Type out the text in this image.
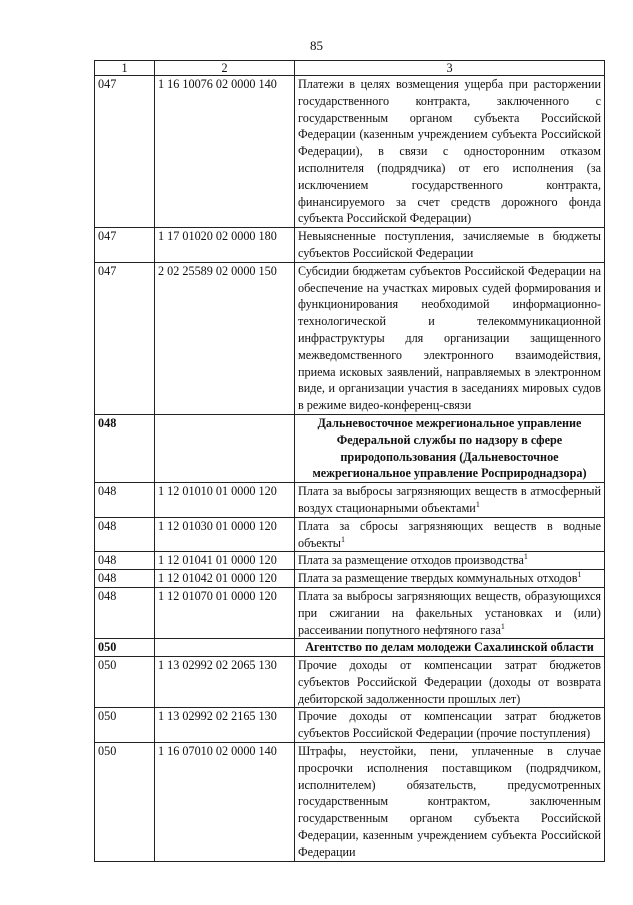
85
1	2	3
047	1 16 10076 02 0000 140	Платежи в целях возмещения ущерба при расторжении государственного контракта, заключенного с государственным органом субъекта Российской Федерации (казенным учреждением субъекта Российской Федерации), в связи с односторонним отказом исполнителя (подрядчика) от его исполнения (за исключением государственного контракта, финансируемого за счет средств дорожного фонда субъекта Российской Федерации)
047	1 17 01020 02 0000 180	Невыясненные поступления, зачисляемые в бюджеты субъектов Российской Федерации
047	2 02 25589 02 0000 150	Субсидии бюджетам субъектов Российской Федерации на обеспечение на участках мировых судей формирования и функционирования необходимой информационно-технологической и телекоммуникационной инфраструктуры для организации защищенного межведомственного электронного взаимодействия, приема исковых заявлений, направляемых в электронном виде, и организации участия в заседаниях мировых судов в режиме видео-конференц-связи
048		Дальневосточное межрегиональное управление Федеральной службы по надзору в сфере природопользования (Дальневосточное межрегиональное управление Росприроднадзора)
048	1 12 01010 01 0000 120	Плата за выбросы загрязняющих веществ в атмосферный воздух стационарными объектами$^1$
048	1 12 01030 01 0000 120	Плата за сбросы загрязняющих веществ в водные объекты$^1$
048	1 12 01041 01 0000 120	Плата за размещение отходов производства$^1$
048	1 12 01042 01 0000 120	Плата за размещение твердых коммунальных отходов$^1$
048	1 12 01070 01 0000 120	Плата за выбросы загрязняющих веществ, образующихся при сжигании на факельных установках и (или) рассеивании попутного нефтяного газа$^1$
050		Агентство по делам молодежи Сахалинской области
050	1 13 02992 02 2065 130	Прочие доходы от компенсации затрат бюджетов субъектов Российской Федерации (доходы от возврата дебиторской задолженности прошлых лет)
050	1 13 02992 02 2165 130	Прочие доходы от компенсации затрат бюджетов субъектов Российской Федерации (прочие поступления)
050	1 16 07010 02 0000 140	Штрафы, неустойки, пени, уплаченные в случае просрочки исполнения поставщиком (подрядчиком, исполнителем) обязательств, предусмотренных государственным контрактом, заключенным государственным органом субъекта Российской Федерации, казенным учреждением субъекта Российской Федерации
